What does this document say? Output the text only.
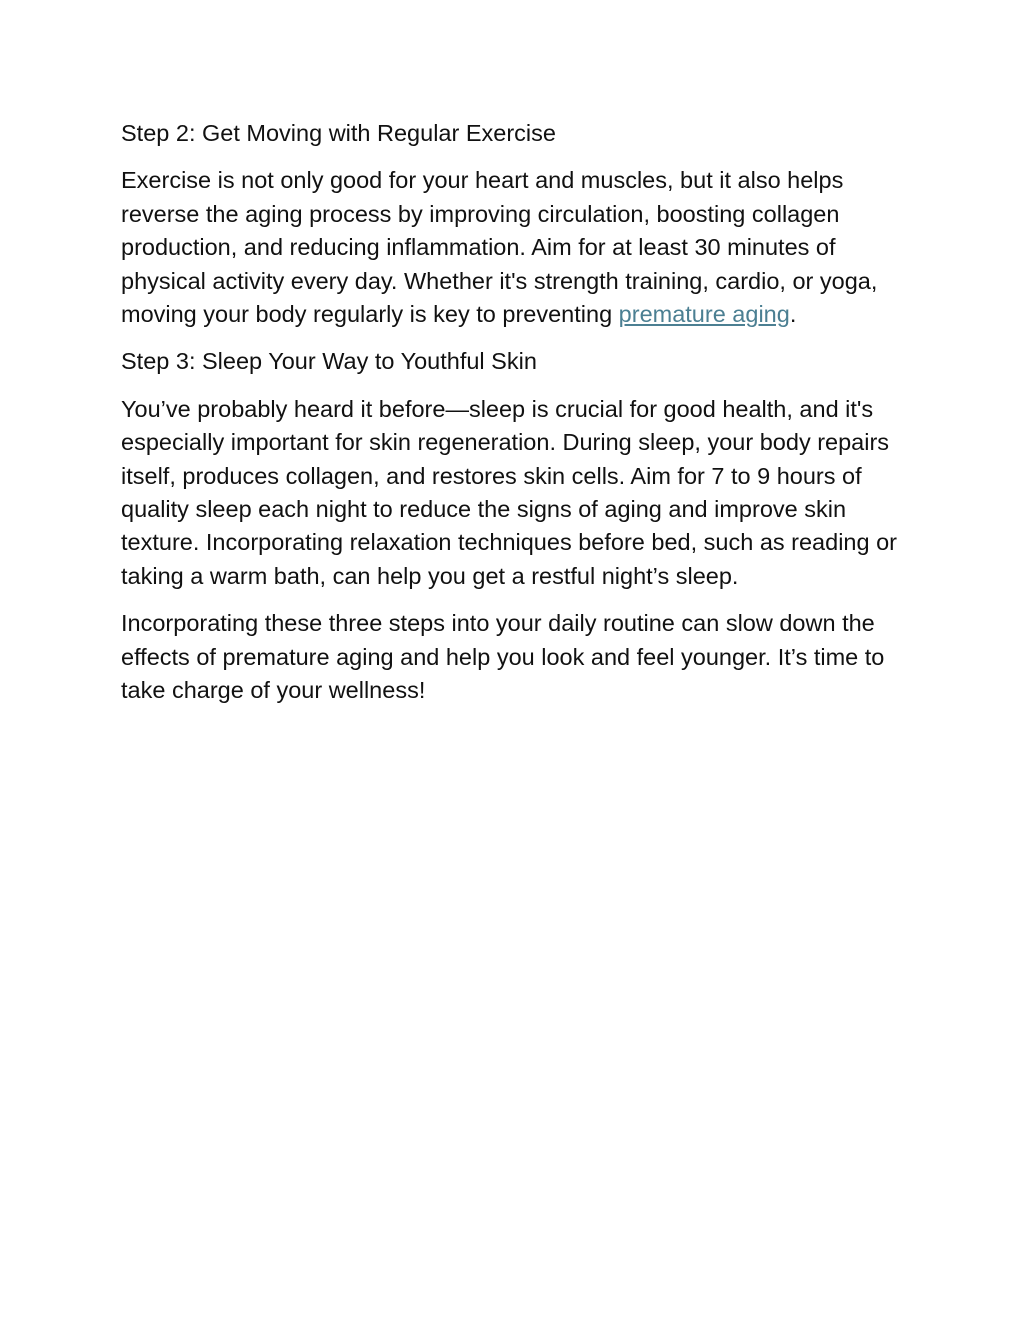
Step 2: Get Moving with Regular Exercise

Exercise is not only good for your heart and muscles, but it also helps reverse the aging process by improving circulation, boosting collagen production, and reducing inflammation. Aim for at least 30 minutes of physical activity every day. Whether it's strength training, cardio, or yoga, moving your body regularly is key to preventing premature aging.

Step 3: Sleep Your Way to Youthful Skin

You’ve probably heard it before—sleep is crucial for good health, and it's especially important for skin regeneration. During sleep, your body repairs itself, produces collagen, and restores skin cells. Aim for 7 to 9 hours of quality sleep each night to reduce the signs of aging and improve skin texture. Incorporating relaxation techniques before bed, such as reading or taking a warm bath, can help you get a restful night’s sleep.

Incorporating these three steps into your daily routine can slow down the effects of premature aging and help you look and feel younger. It’s time to take charge of your wellness!
